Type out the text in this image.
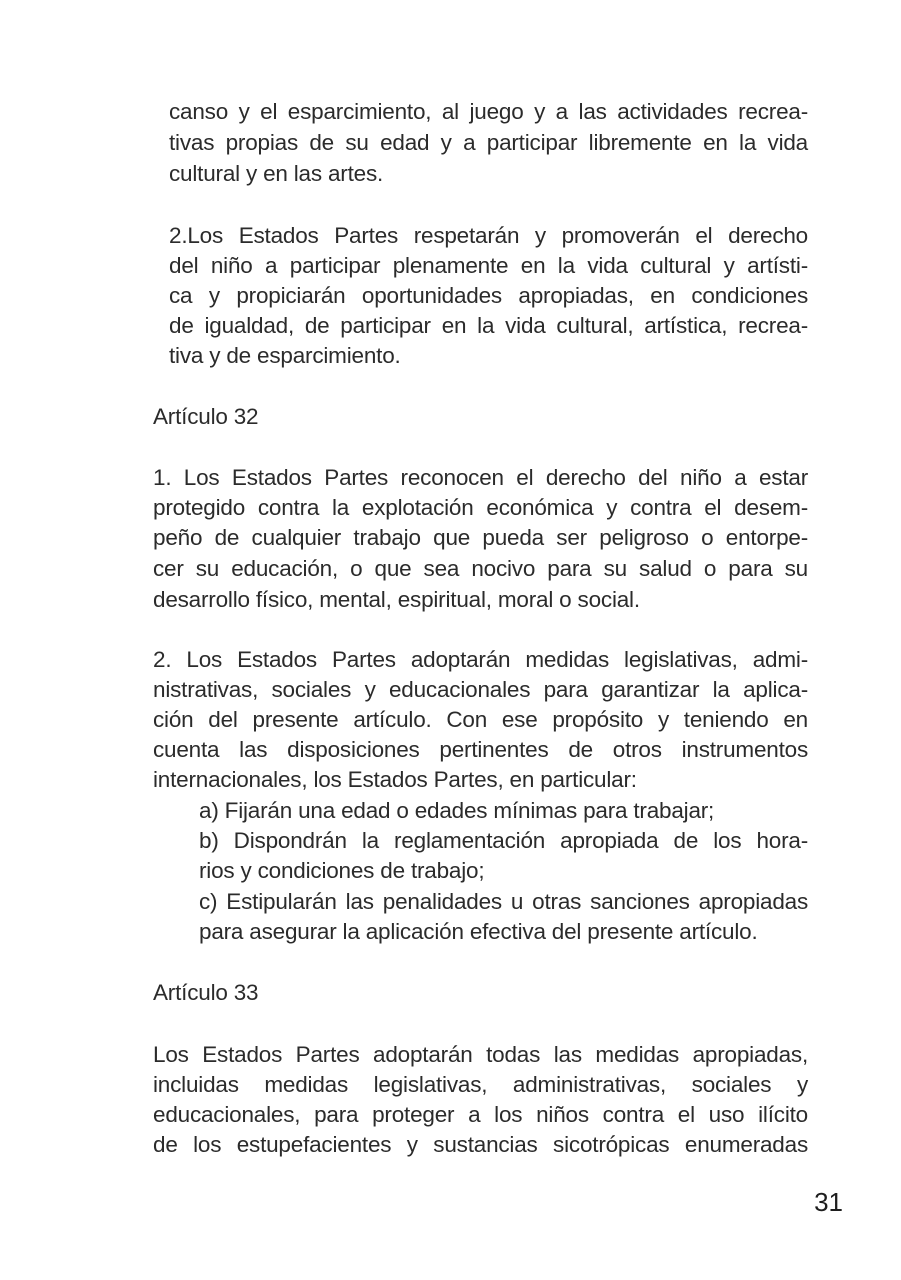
canso y el esparcimiento, al juego y a las actividades recrea-
tivas propias de su edad y a participar libremente en la vida
cultural y en las artes.
2.Los Estados Partes respetarán y promoverán el derecho
del niño a participar plenamente en la vida cultural y artísti-
ca y propiciarán oportunidades apropiadas, en condiciones
de igualdad, de participar en la vida cultural, artística, recrea-
tiva y de esparcimiento.
Artículo 32
1. Los Estados Partes reconocen el derecho del niño a estar
protegido contra la explotación económica y contra el desem-
peño de cualquier trabajo que pueda ser peligroso o entorpe-
cer su educación, o que sea nocivo para su salud o para su
desarrollo físico, mental, espiritual, moral o social.
2. Los Estados Partes adoptarán medidas legislativas, admi-
nistrativas, sociales y educacionales para garantizar la aplica-
ción del presente artículo. Con ese propósito y teniendo en
cuenta las disposiciones pertinentes de otros instrumentos
internacionales, los Estados Partes, en particular:
a) Fijarán una edad o edades mínimas para trabajar;
b) Dispondrán la reglamentación apropiada de los hora-
rios y condiciones de trabajo;
c) Estipularán las penalidades u otras sanciones apropiadas
para asegurar la aplicación efectiva del presente artículo.
Artículo 33
Los Estados Partes adoptarán todas las medidas apropiadas,
incluidas medidas legislativas, administrativas, sociales y
educacionales, para proteger a los niños contra el uso ilícito
de los estupefacientes y sustancias sicotrópicas enumeradas
31
